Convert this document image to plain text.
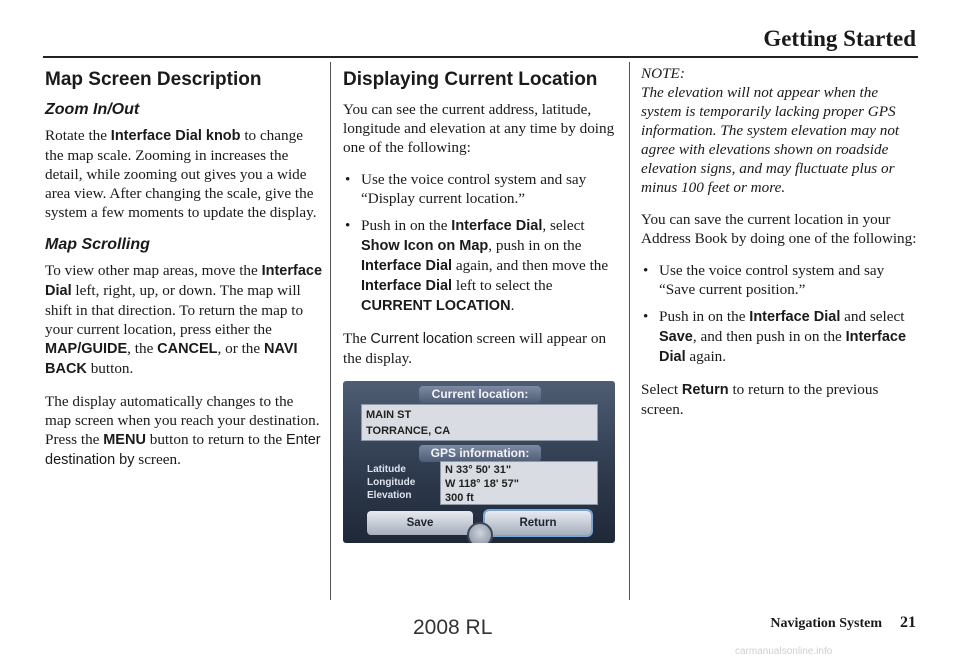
Getting Started
Map Screen Description
Zoom In/Out

Rotate the Interface Dial knob to change the map scale. Zooming in increases the detail, while zooming out gives you a wide area view. After changing the scale, give the system a few moments to update the display.

Map Scrolling

To view other map areas, move the Interface Dial left, right, up, or down. The map will shift in that direction. To return the map to your current location, press either the MAP/GUIDE, the CANCEL, or the NAVI BACK button.

The display automatically changes to the map screen when you reach your destination. Press the MENU button to return to the Enter destination by screen.

Displaying Current Location

You can see the current address, latitude, longitude and elevation at any time by doing one of the following:

• Use the voice control system and say “Display current location.”
• Push in on the Interface Dial, select Show Icon on Map, push in on the Interface Dial again, and then move the Interface Dial left to select the CURRENT LOCATION.

The Current location screen will appear on the display.

Current location:
MAIN ST
TORRANCE, CA
GPS information:
Latitude
Longitude
Elevation
N 33° 50' 31"
W 118° 18' 57"
300 ft
Save	Return
NOTE:
The elevation will not appear when the system is temporarily lacking proper GPS information. The system elevation may not agree with elevations shown on roadside elevation signs, and may fluctuate plus or minus 100 feet or more.

You can save the current location in your Address Book by doing one of the following:

• Use the voice control system and say “Save current position.”
• Push in on the Interface Dial and select Save, and then push in on the Interface Dial again.

Select Return to return to the previous screen.

2008 RL	Navigation System 21
carmanualsonline.info
